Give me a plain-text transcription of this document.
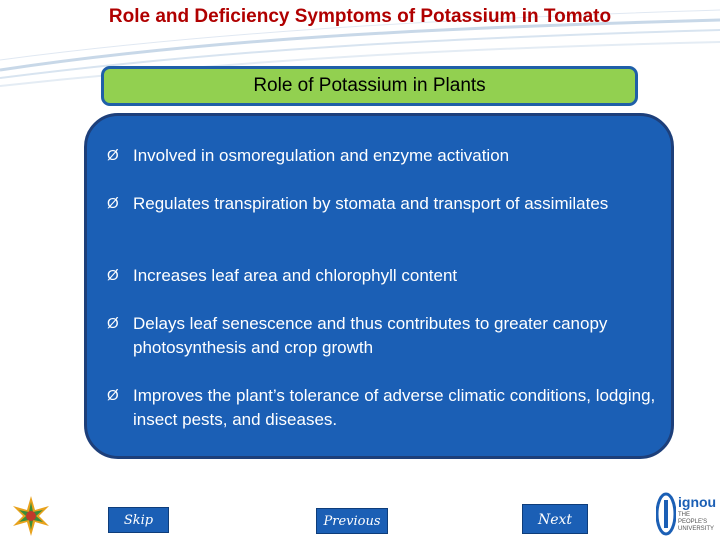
Role and Deficiency Symptoms of Potassium in Tomato
Role of Potassium in Plants
Ø Involved in osmoregulation and enzyme activation
Ø Regulates transpiration by stomata and transport of assimilates
Ø Increases leaf area and chlorophyll content
Ø Delays leaf senescence and thus contributes to greater canopy photosynthesis and crop growth
Ø Improves the plant’s tolerance of adverse climatic conditions, lodging, insect pests, and diseases.
Skip	Previous	Next
ignou
THE PEOPLE'S UNIVERSITY
